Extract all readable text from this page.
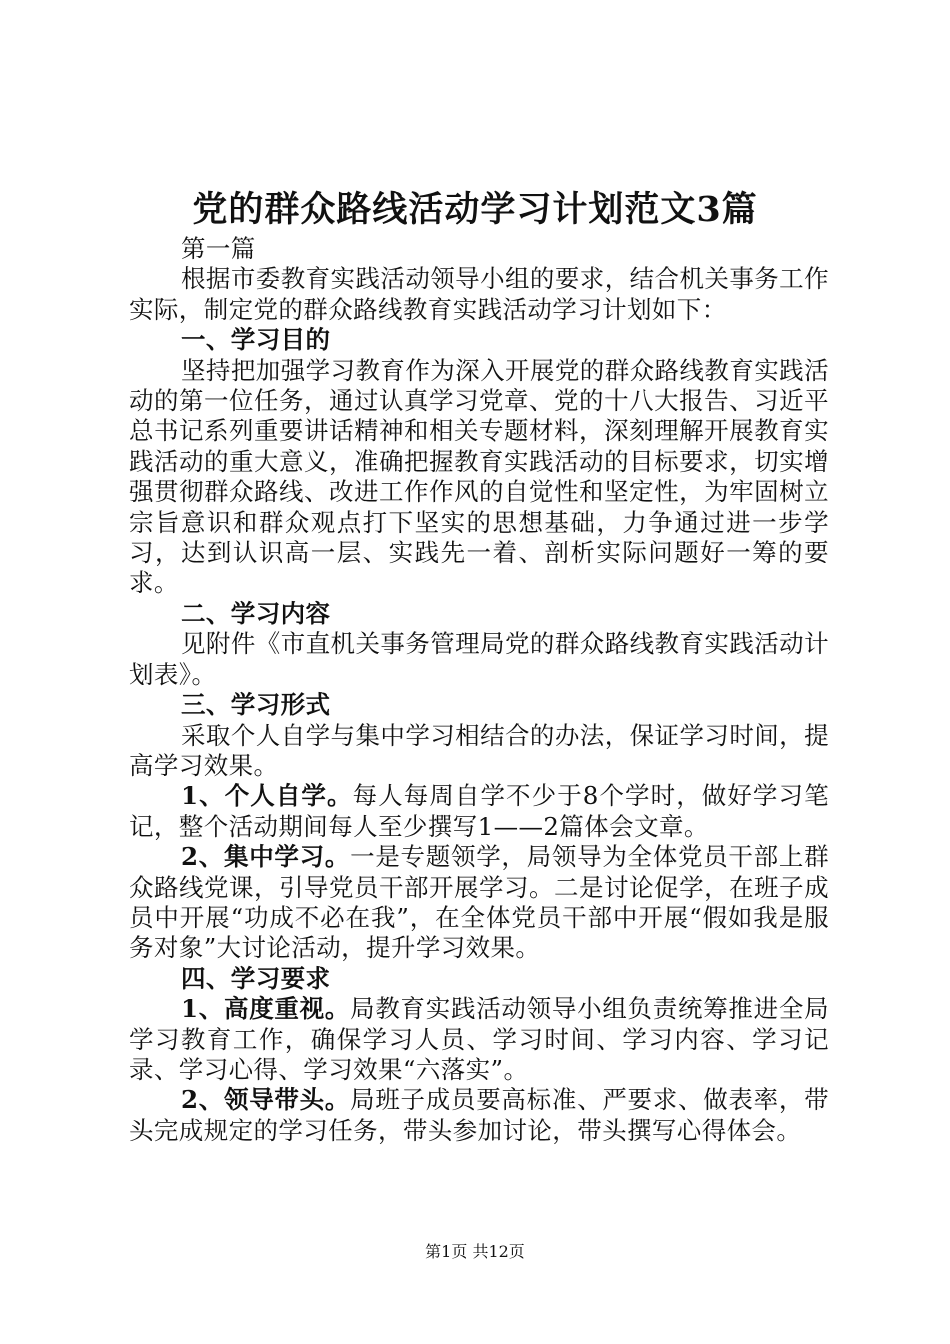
党的群众路线活动学习计划范文3篇

第一篇

根据市委教育实践活动领导小组的要求，结合机关事务工作实际，制定党的群众路线教育实践活动学习计划如下：

一、学习目的

坚持把加强学习教育作为深入开展党的群众路线教育实践活动的第一位任务，通过认真学习党章、党的十八大报告、习近平总书记系列重要讲话精神和相关专题材料，深刻理解开展教育实践活动的重大意义，准确把握教育实践活动的目标要求，切实增强贯彻群众路线、改进工作作风的自觉性和坚定性，为牢固树立宗旨意识和群众观点打下坚实的思想基础，力争通过进一步学习，达到认识高一层、实践先一着、剖析实际问题好一筹的要求。

二、学习内容

见附件《市直机关事务管理局党的群众路线教育实践活动计划表》。

三、学习形式

采取个人自学与集中学习相结合的办法，保证学习时间，提高学习效果。

1、个人自学。每人每周自学不少于8个学时，做好学习笔记，整个活动期间每人至少撰写1——2篇体会文章。

2、集中学习。一是专题领学，局领导为全体党员干部上群众路线党课，引导党员干部开展学习。二是讨论促学，在班子成员中开展“功成不必在我”，在全体党员干部中开展“假如我是服务对象”大讨论活动，提升学习效果。

四、学习要求

1、高度重视。局教育实践活动领导小组负责统筹推进全局学习教育工作，确保学习人员、学习时间、学习内容、学习记录、学习心得、学习效果“六落实”。

2、领导带头。局班子成员要高标准、严要求、做表率，带头完成规定的学习任务，带头参加讨论，带头撰写心得体会。

第1页 共12页
